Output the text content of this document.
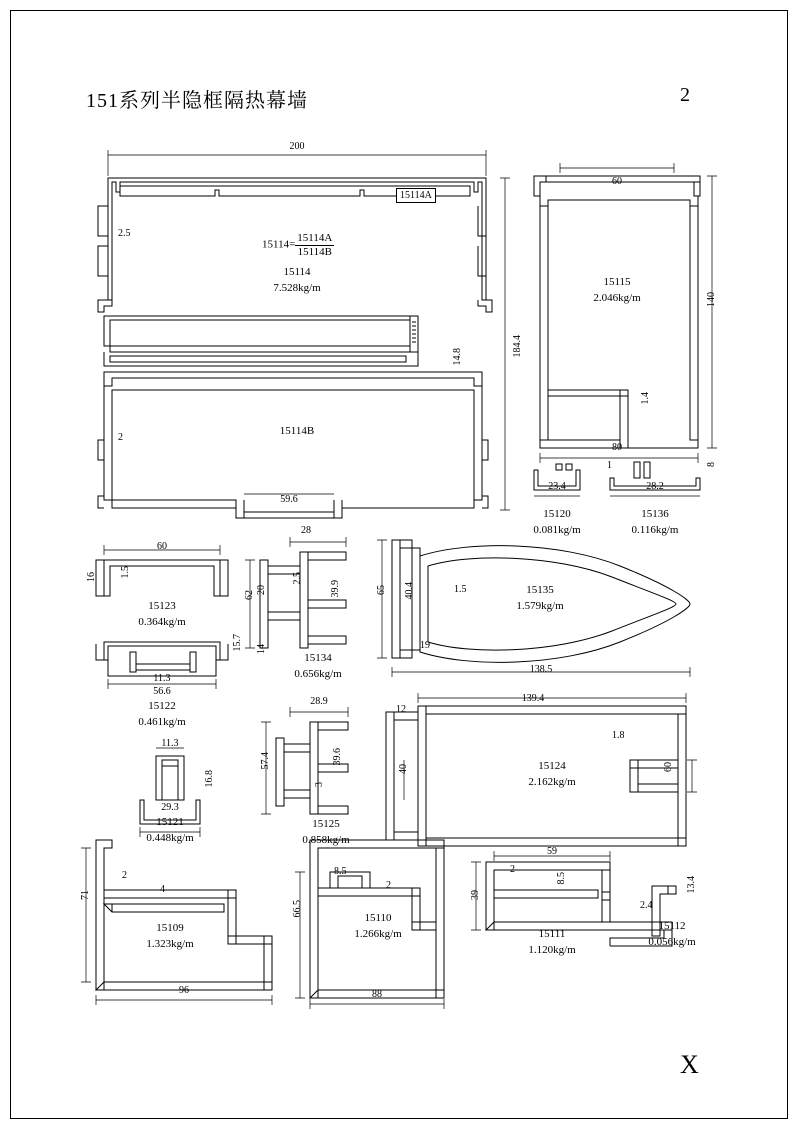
151系列半隐框隔热幕墙	2
X
200
2.5
15114A
$15114= \frac{15114A}{15114B}$
15114
7.528kg/m
14.8	184.4
2
15114B
59.6
60
15115
2.046kg/m	140
1.4
80
23.4
15120
0.081kg/m
28.2
8
1
15136
0.116kg/m
60
16 1.5
15123
0.364kg/m
11.3
15.7
56.6
15122
0.461kg/m
28
62 20
2.5
39.9
14
15134
0.656kg/m
65 40.4	1.5
19
15135
1.579kg/m
138.5
11.3
16.8
29.3
15121
0.448kg/m
28.9
57.4	39.6
3
15125
0.858kg/m
12
139.4
1.8
40	60
15124
2.162kg/m
71
2
4
15109
1.323kg/m
96
66.5
8.5
2
15110
1.266kg/m
88
59
2
8.5
39
15111
1.120kg/m
13.4
2.4
15112
0.056kg/m
